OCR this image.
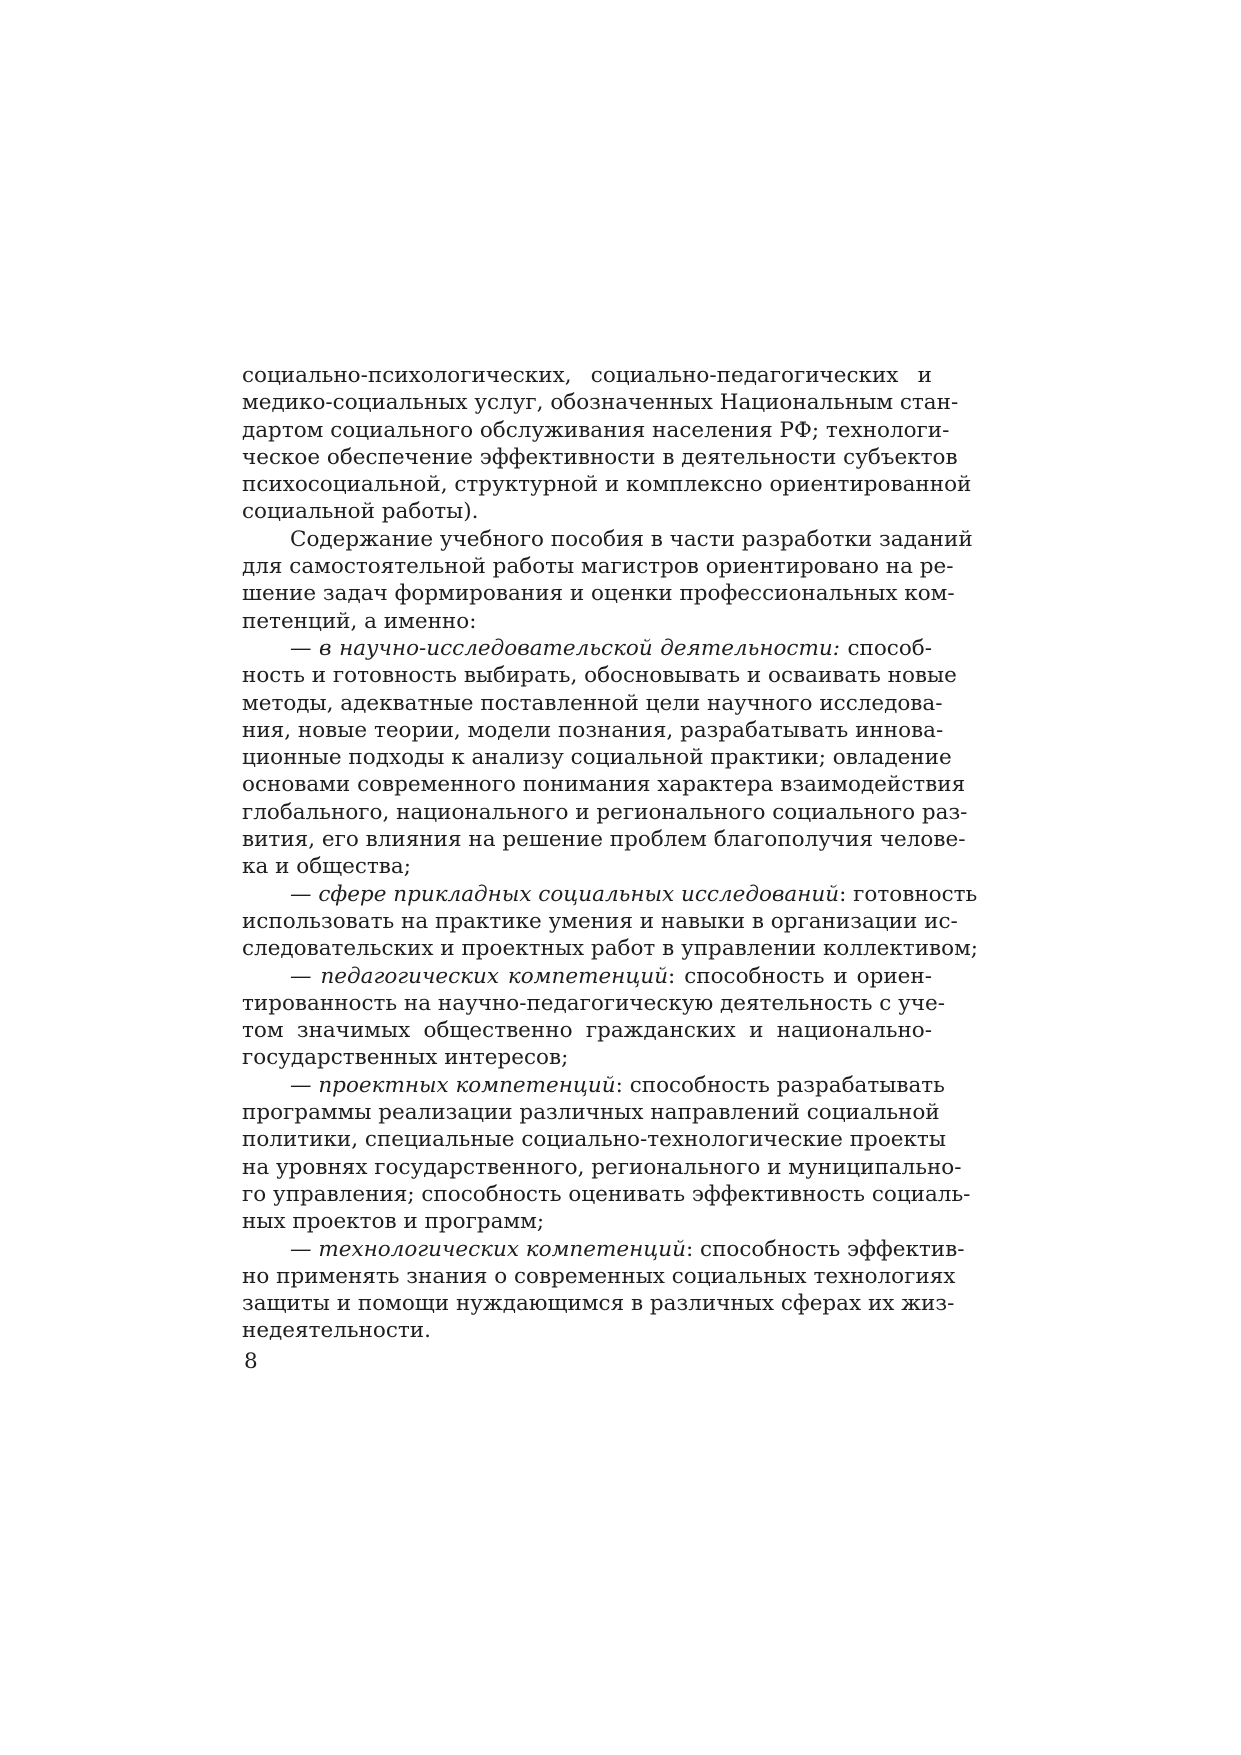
социально-психологических, социально-педагогических и
медико-социальных услуг, обозначенных Национальным стан-
дартом социального обслуживания населения РФ; технологи-
ческое обеспечение эффективности в деятельности субъектов
психосоциальной, структурной и комплексно ориентированной
социальной работы).
Содержание учебного пособия в части разработки заданий
для самостоятельной работы магистров ориентировано на ре-
шение задач формирования и оценки профессиональных ком-
петенций, а именно:
— в научно-исследовательской деятельности: способ-
ность и готовность выбирать, обосновывать и осваивать новые
методы, адекватные поставленной цели научного исследова-
ния, новые теории, модели познания, разрабатывать иннова-
ционные подходы к анализу социальной практики; овладение
основами современного понимания характера взаимодействия
глобального, национального и регионального социального раз-
вития, его влияния на решение проблем благополучия челове-
ка и общества;
— сфере прикладных социальных исследований: готовность
использовать на практике умения и навыки в организации ис-
следовательских и проектных работ в управлении коллективом;
— педагогических компетенций: способность и ориен-
тированность на научно-педагогическую деятельность с уче-
том значимых общественно гражданских и национально-
государственных интересов;
— проектных компетенций: способность разрабатывать
программы реализации различных направлений социальной
политики, специальные социально-технологические проекты
на уровнях государственного, регионального и муниципально-
го управления; способность оценивать эффективность социаль-
ных проектов и программ;
— технологических компетенций: способность эффектив-
но применять знания о современных социальных технологиях
защиты и помощи нуждающимся в различных сферах их жиз-
недеятельности.
8
